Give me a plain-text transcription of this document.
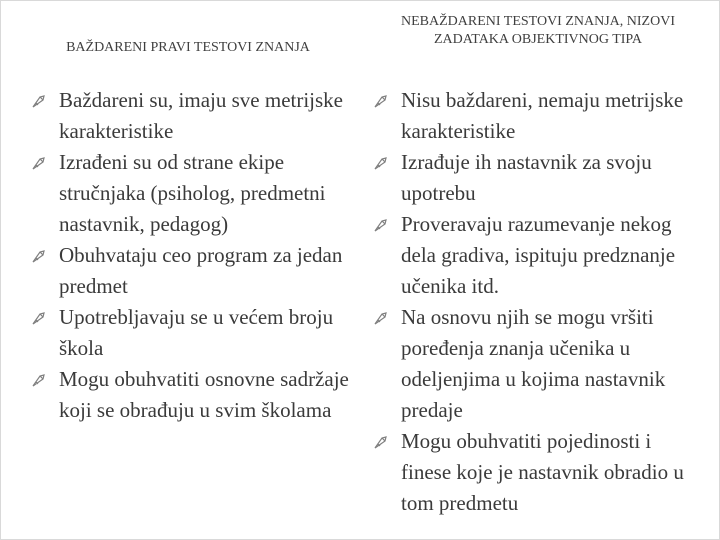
BAŽDARENI PRAVI TESTOVI ZNANJA
NEBAŽDARENI TESTOVI ZNANJA, NIZOVI ZADATAKA OBJEKTIVNOG TIPA
Baždareni su, imaju sve metrijske karakteristike
Izrađeni su od strane ekipe stručnjaka (psiholog, predmetni nastavnik, pedagog)
Obuhvataju ceo program za jedan predmet
Upotrebljavaju se u većem broju škola
Mogu obuhvatiti osnovne sadržaje koji se obrađuju u svim školama
Nisu baždareni, nemaju metrijske karakteristike
Izrađuje ih nastavnik za svoju upotrebu
Proveravaju razumevanje nekog dela gradiva, ispituju predznanje učenika itd.
Na osnovu njih se mogu vršiti poređenja znanja učenika u odeljenjima u kojima nastavnik predaje
Mogu obuhvatiti pojedinosti i finese koje je nastavnik obradio u tom predmetu
